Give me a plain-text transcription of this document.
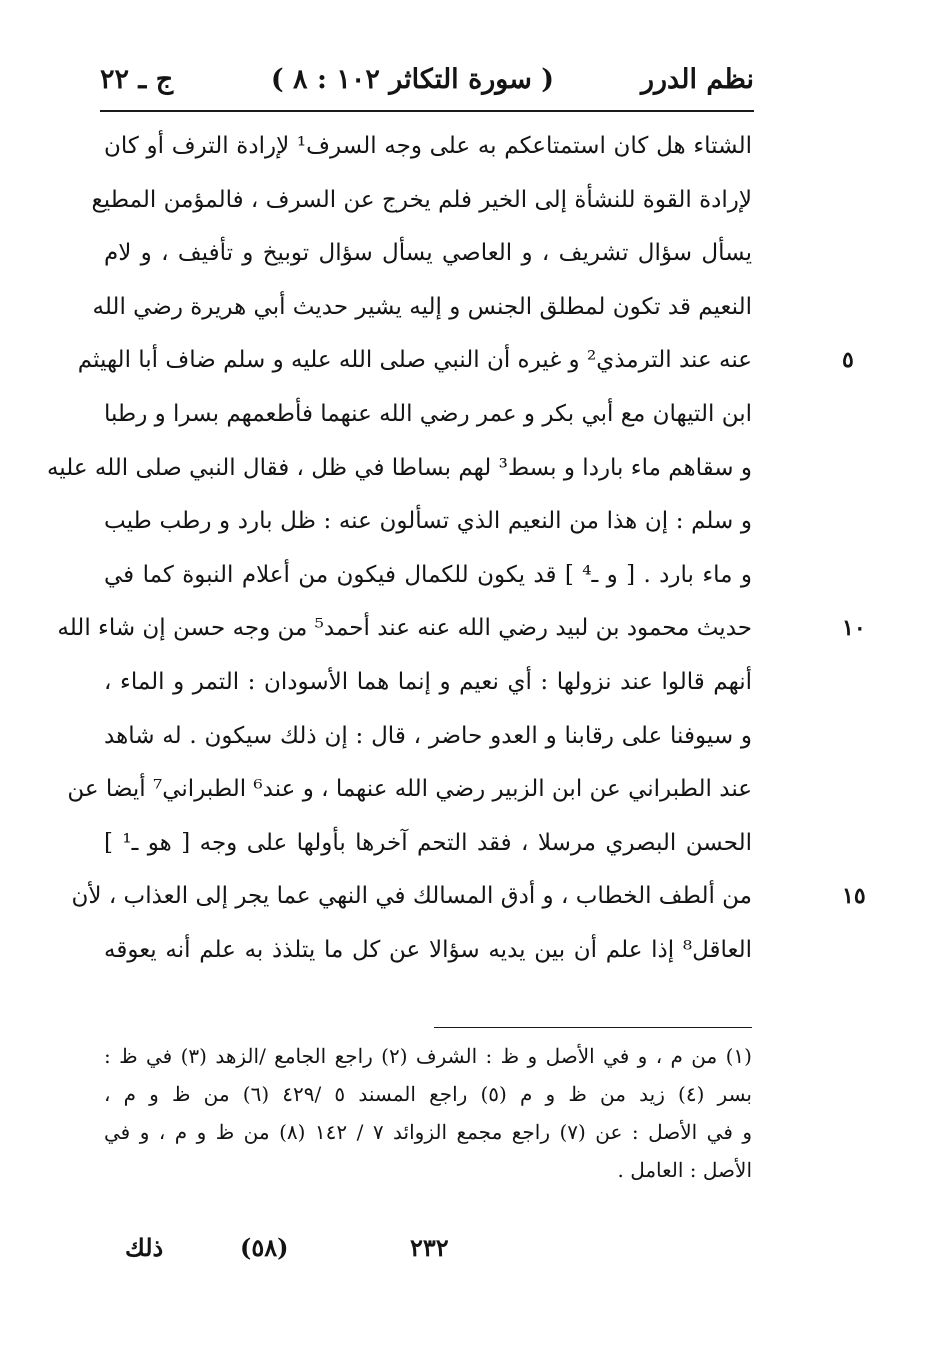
نظم الدرر
( سورة التكاثر ١٠٢ : ٨ )
ج ـ ٢٢
الشتاء هل كان استمتاعكم به على وجه السرف¹ لإرادة الترف أو كان
لإرادة القوة للنشأة إلى الخير فلم يخرج عن السرف ، فالمؤمن المطيع
يسأل سؤال تشريف ، و العاصي يسأل سؤال توبيخ و تأفيف ، و لام
النعيم قد تكون لمطلق الجنس و إليه يشير حديث أبي هريرة رضي الله
٥
عنه عند الترمذي² و غيره أن النبي صلى الله عليه و سلم ضاف أبا الهيثم
ابن التيهان مع أبي بكر و عمر رضي الله عنهما فأطعمهم بسرا و رطبا
و سقاهم ماء باردا و بسط³ لهم بساطا في ظل ، فقال النبي صلى الله عليه
و سلم : إن هذا من النعيم الذي تسألون عنه : ظل بارد و رطب طيب
و ماء بارد . [ و ـ⁴ ] قد يكون للكمال فيكون من أعلام النبوة كما في
١٠
حديث محمود بن لبيد رضي الله عنه عند أحمد⁵ من وجه حسن إن شاء الله
أنهم قالوا عند نزولها : أي نعيم و إنما هما الأسودان : التمر و الماء ،
و سيوفنا على رقابنا و العدو حاضر ، قال : إن ذلك سيكون . له شاهد
عند الطبراني عن ابن الزبير رضي الله عنهما ، و عند⁶ الطبراني⁷ أيضا عن
الحسن البصري مرسلا ، فقد التحم آخرها بأولها على وجه [ هو ـ¹ ]
١٥
من ألطف الخطاب ، و أدق المسالك في النهي عما يجر إلى العذاب ، لأن
العاقل⁸ إذا علم أن بين يديه سؤالا عن كل ما يتلذذ به علم أنه يعوقه
(١) من م ، و في الأصل و ظ : الشرف (٢) راجع الجامع /الزهد (٣) في ظ :
بسر (٤) زيد من ظ و م (٥) راجع المسند ٥ /٤٢٩ (٦) من ظ و م ،
و في الأصل : عن (٧) راجع مجمع الزوائد ٧ / ١٤٢ (٨) من ظ و م ، و في
الأصل : العامل .
ذلك	(٥٨)	٢٣٢
